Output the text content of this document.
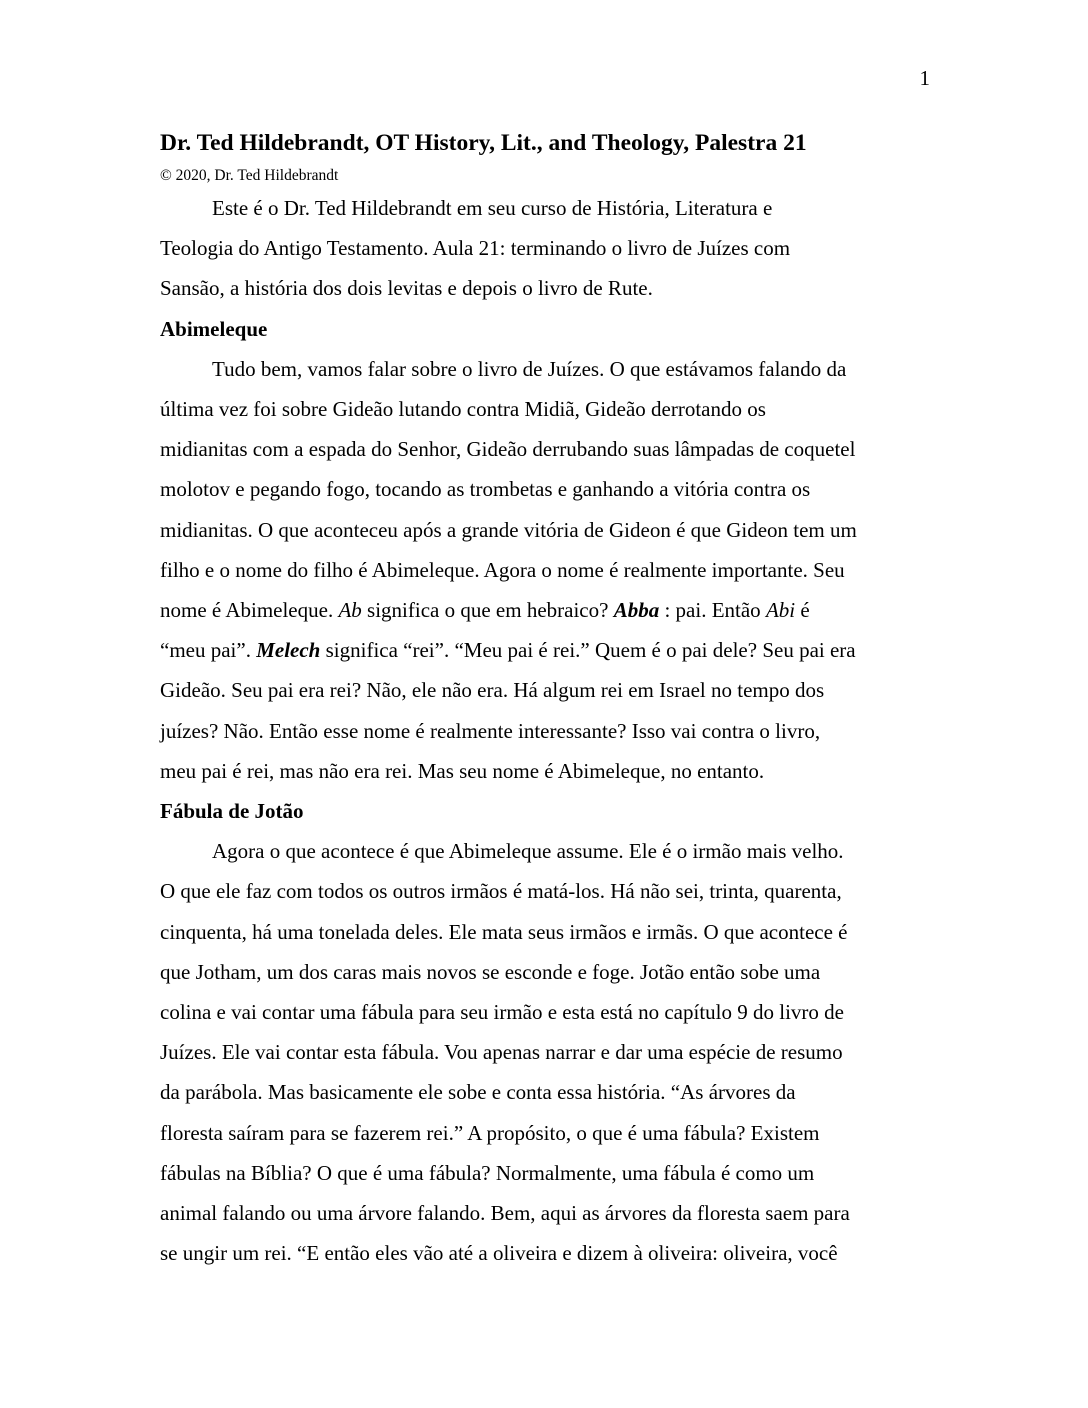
1
Dr. Ted Hildebrandt, OT History, Lit., and Theology, Palestra 21
© 2020, Dr. Ted Hildebrandt

Este é o Dr. Ted Hildebrandt em seu curso de História, Literatura e
Teologia do Antigo Testamento. Aula 21: terminando o livro de Juízes com
Sansão, a história dos dois levitas e depois o livro de Rute.

Abimeleque

Tudo bem, vamos falar sobre o livro de Juízes. O que estávamos falando da
última vez foi sobre Gideão lutando contra Midiã, Gideão derrotando os
midianitas com a espada do Senhor, Gideão derrubando suas lâmpadas de coquetel
molotov e pegando fogo, tocando as trombetas e ganhando a vitória contra os
midianitas. O que aconteceu após a grande vitória de Gideon é que Gideon tem um
filho e o nome do filho é Abimeleque. Agora o nome é realmente importante. Seu
nome é Abimeleque. Ab significa o que em hebraico? Abba : pai. Então Abi é
“meu pai”. Melech significa “rei”. “Meu pai é rei.” Quem é o pai dele? Seu pai era
Gideão. Seu pai era rei? Não, ele não era. Há algum rei em Israel no tempo dos
juízes? Não. Então esse nome é realmente interessante? Isso vai contra o livro,
meu pai é rei, mas não era rei. Mas seu nome é Abimeleque, no entanto.

Fábula de Jotão

Agora o que acontece é que Abimeleque assume. Ele é o irmão mais velho.
O que ele faz com todos os outros irmãos é matá-los. Há não sei, trinta, quarenta,
cinquenta, há uma tonelada deles. Ele mata seus irmãos e irmãs. O que acontece é
que Jotham, um dos caras mais novos se esconde e foge. Jotão então sobe uma
colina e vai contar uma fábula para seu irmão e esta está no capítulo 9 do livro de
Juízes. Ele vai contar esta fábula. Vou apenas narrar e dar uma espécie de resumo
da parábola. Mas basicamente ele sobe e conta essa história. “As árvores da
floresta saíram para se fazerem rei.” A propósito, o que é uma fábula? Existem
fábulas na Bíblia? O que é uma fábula? Normalmente, uma fábula é como um
animal falando ou uma árvore falando. Bem, aqui as árvores da floresta saem para
se ungir um rei. “E então eles vão até a oliveira e dizem à oliveira: oliveira, você
